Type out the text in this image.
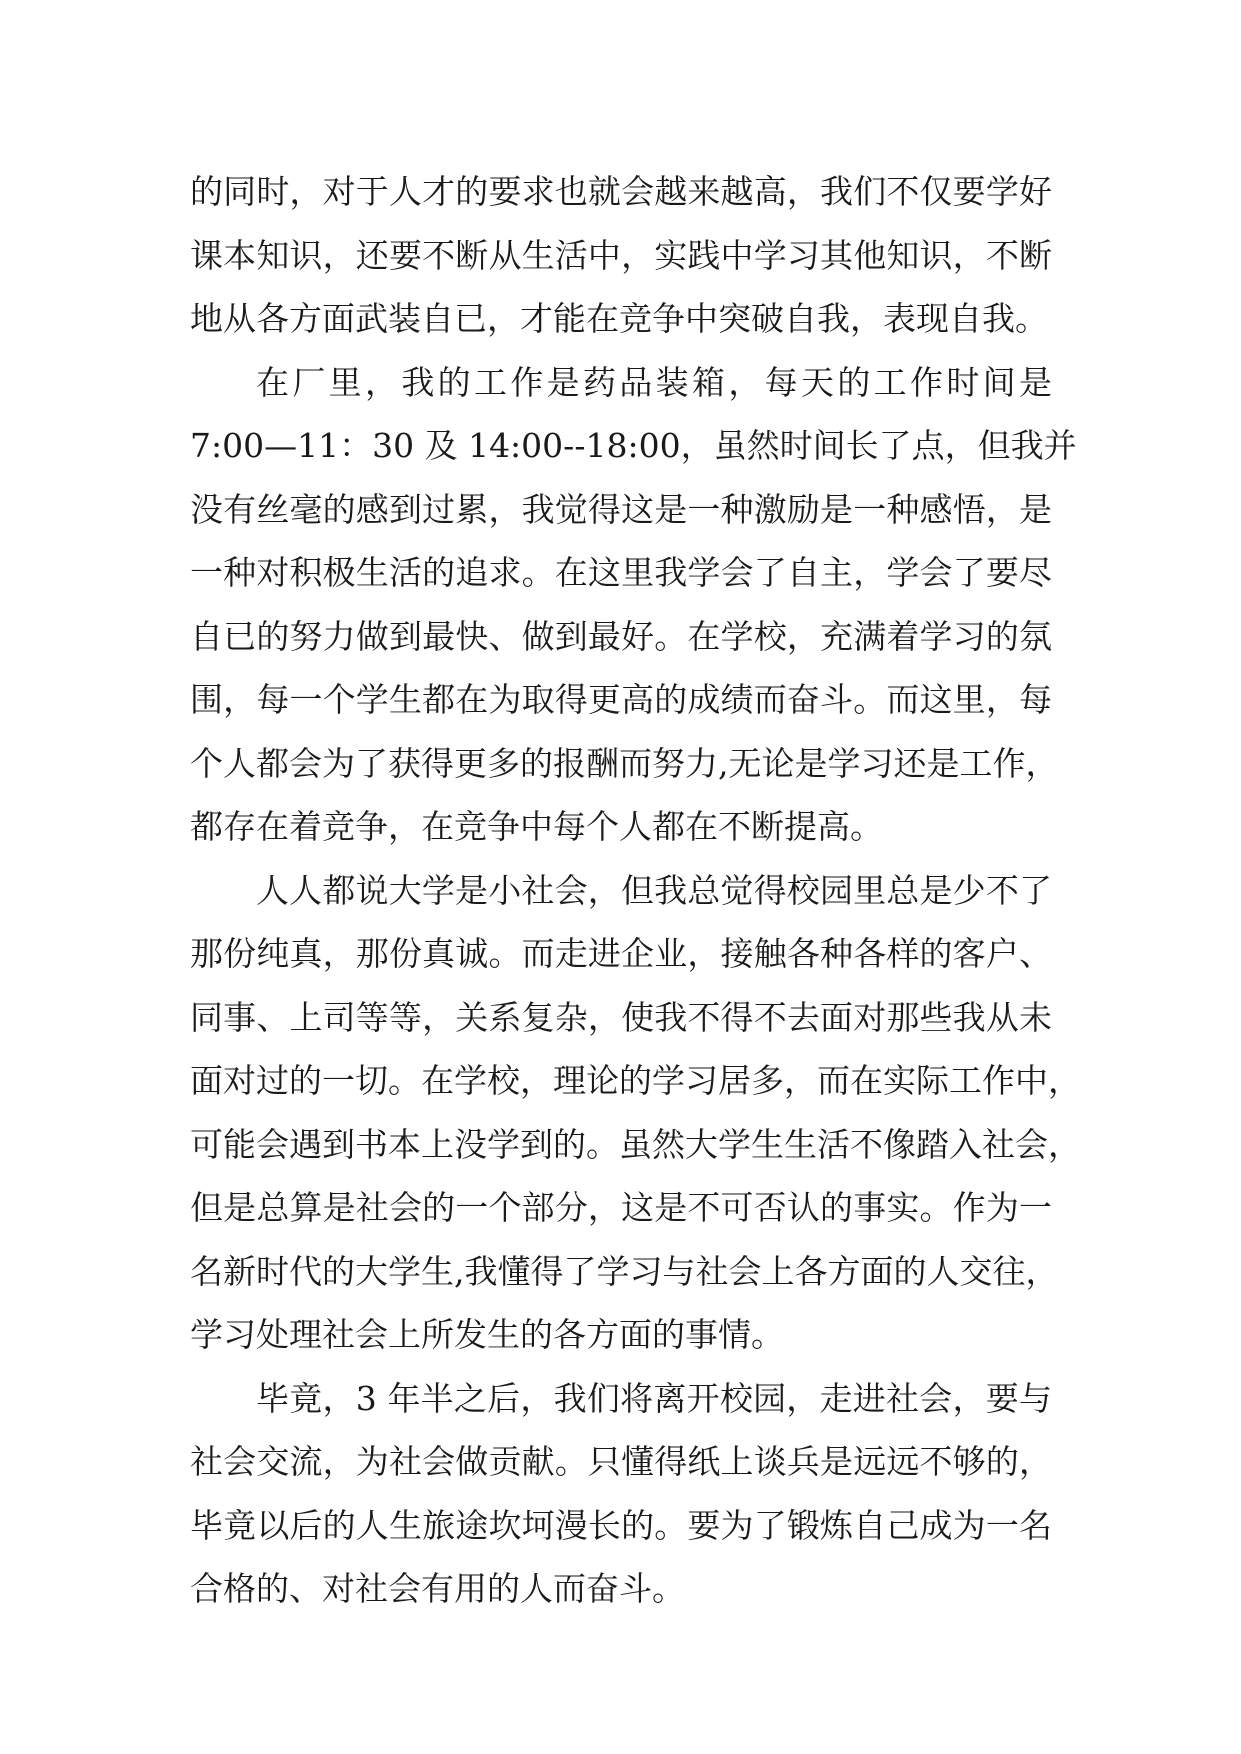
的同时，对于人才的要求也就会越来越高，我们不仅要学好
课本知识，还要不断从生活中，实践中学习其他知识，不断
地从各方面武装自已，才能在竞争中突破自我，表现自我。
在厂里，我的工作是药品装箱，每天的工作时间是
7:00—11：30 及 14:00--18:00，虽然时间长了点，但我并
没有丝毫的感到过累，我觉得这是一种激励是一种感悟，是
一种对积极生活的追求。在这里我学会了自主，学会了要尽
自已的努力做到最快、做到最好。在学校，充满着学习的氛
围，每一个学生都在为取得更高的成绩而奋斗。而这里，每
个人都会为了获得更多的报酬而努力,无论是学习还是工作，
都存在着竞争，在竞争中每个人都在不断提高。
人人都说大学是小社会，但我总觉得校园里总是少不了
那份纯真，那份真诚。而走进企业，接触各种各样的客户、
同事、上司等等，关系复杂，使我不得不去面对那些我从未
面对过的一切。在学校，理论的学习居多，而在实际工作中，
可能会遇到书本上没学到的。虽然大学生生活不像踏入社会，
但是总算是社会的一个部分，这是不可否认的事实。作为一
名新时代的大学生,我懂得了学习与社会上各方面的人交往，
学习处理社会上所发生的各方面的事情。
毕竟，3 年半之后，我们将离开校园，走进社会，要与
社会交流，为社会做贡献。只懂得纸上谈兵是远远不够的，
毕竟以后的人生旅途坎坷漫长的。要为了锻炼自己成为一名
合格的、对社会有用的人而奋斗。
